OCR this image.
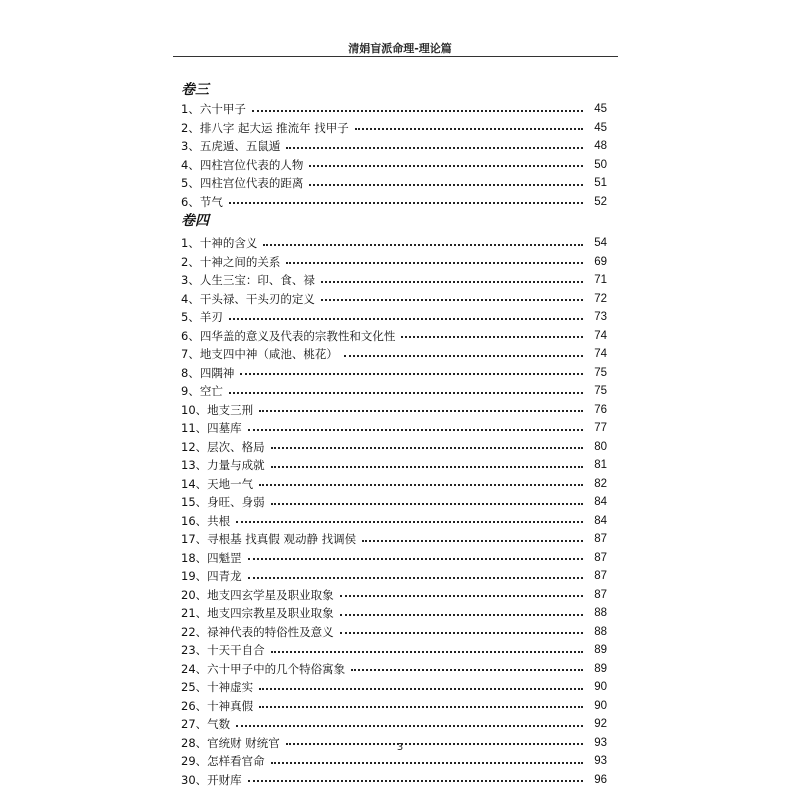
清娟盲派命理-理论篇
卷三
1、六十甲子	45
2、排八字 起大运 推流年 找甲子	45
3、五虎遁、五鼠遁	48
4、四柱宫位代表的人物	50
5、四柱宫位代表的距离	51
6、节气	52
卷四
1、十神的含义	54
2、十神之间的关系	69
3、人生三宝：印、食、禄	71
4、干头禄、干头刃的定义	72
5、羊刃	73
6、四华盖的意义及代表的宗教性和文化性	74
7、地支四中神（咸池、桃花）	74
8、四隅神	75
9、空亡	75
10、地支三刑	76
11、四墓库	77
12、层次、格局	80
13、力量与成就	81
14、天地一气	82
15、身旺、身弱	84
16、共根	84
17、寻根基 找真假 观动静 找调侯	87
18、四魁罡	87
19、四青龙	87
20、地支四玄学星及职业取象	87
21、地支四宗教星及职业取象	88
22、禄神代表的特俗性及意义	88
23、十天干自合	89
24、六十甲子中的几个特俗寓象	89
25、十神虚实	90
26、十神真假	90
27、气数	92
28、官统财 财统官	93
29、怎样看官命	93
30、开财库	96
3
